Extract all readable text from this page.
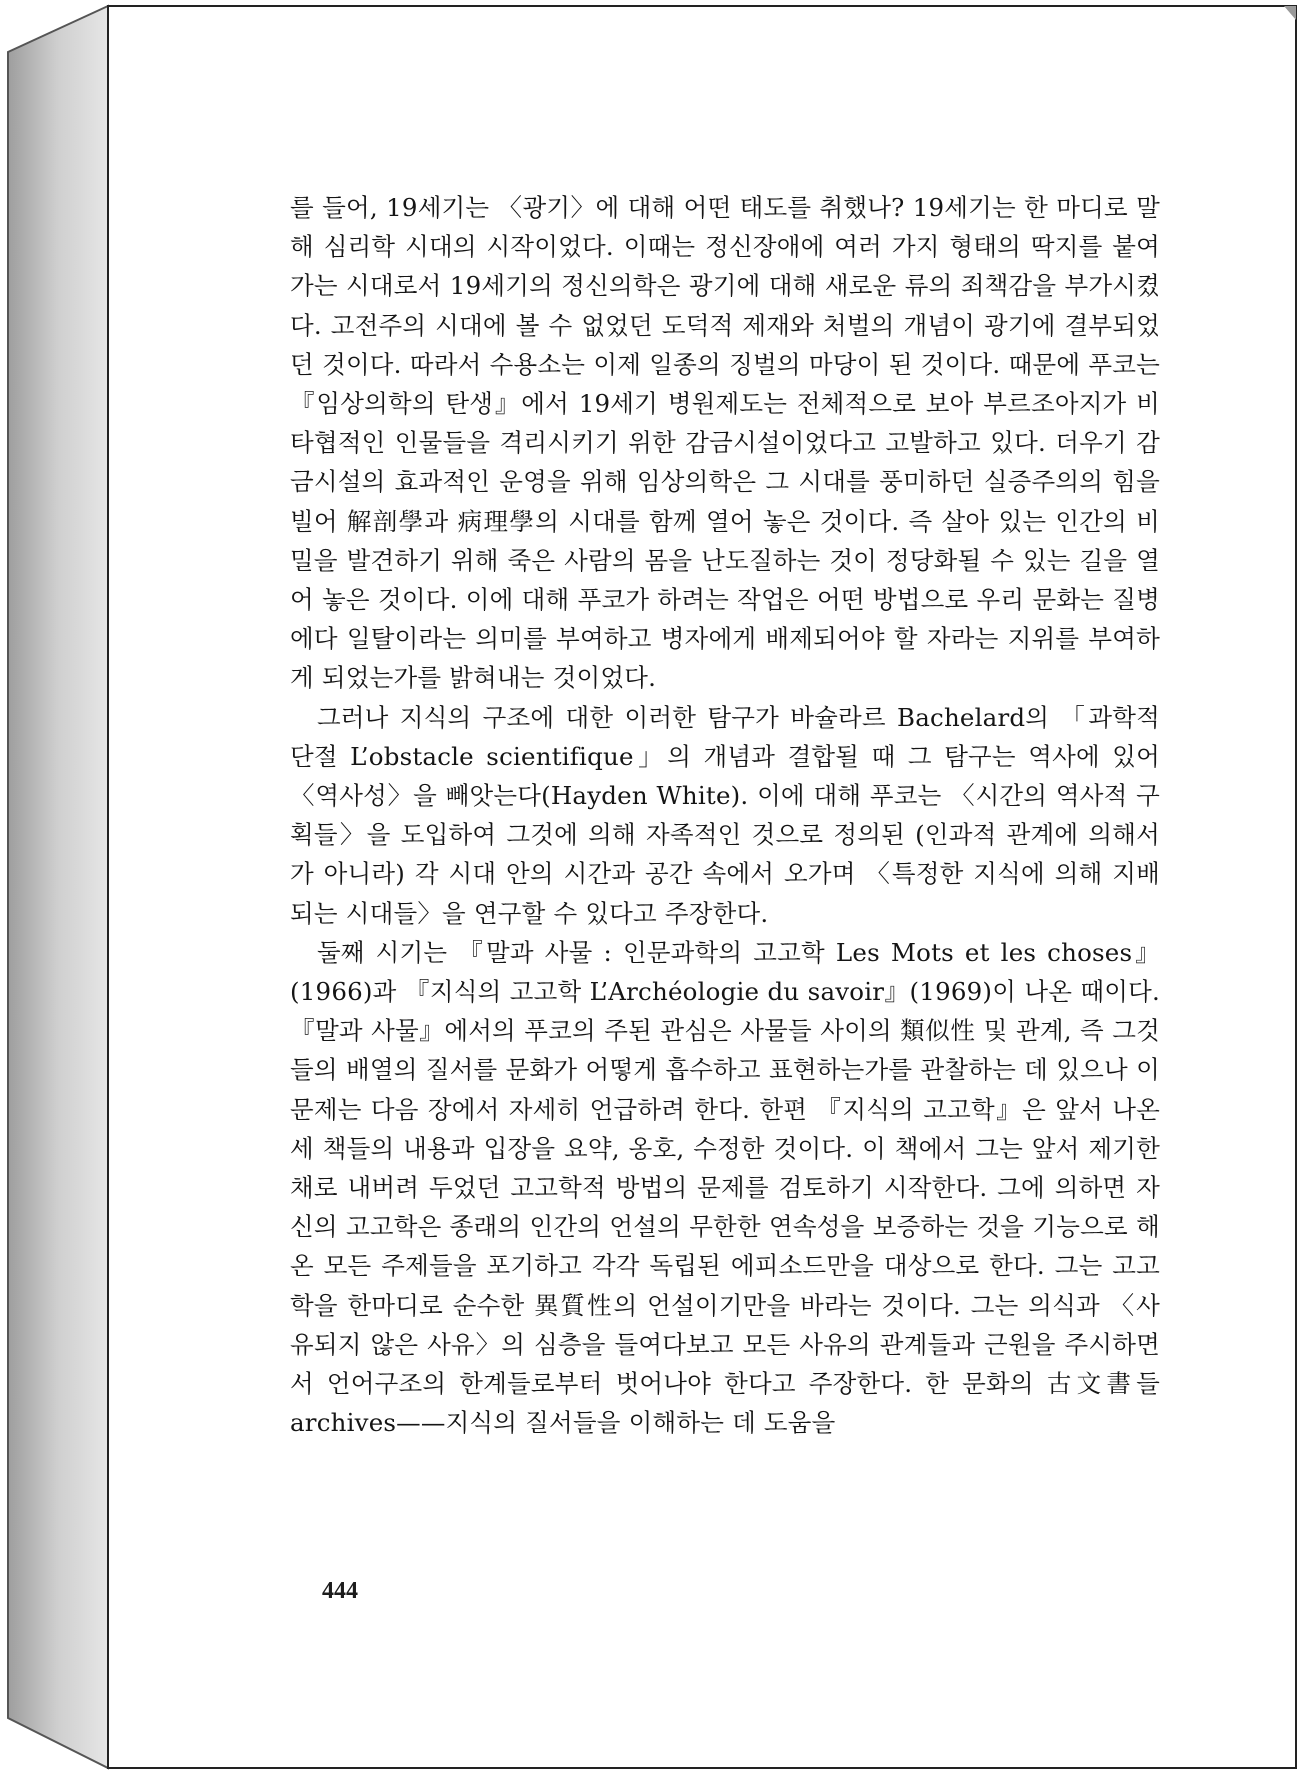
를 들어, 19세기는 〈광기〉에 대해 어떤 태도를 취했나? 19세기는 한 마디로 말해 심리학 시대의 시작이었다. 이때는 정신장애에 여러 가지 형태의 딱지를 붙여 가는 시대로서 19세기의 정신의학은 광기에 대해 새로운 류의 죄책감을 부가시켰다. 고전주의 시대에 볼 수 없었던 도덕적 제재와 처벌의 개념이 광기에 결부되었던 것이다. 따라서 수용소는 이제 일종의 징벌의 마당이 된 것이다. 때문에 푸코는 『임상의학의 탄생』에서 19세기 병원제도는 전체적으로 보아 부르조아지가 비타협적인 인물들을 격리시키기 위한 감금시설이었다고 고발하고 있다. 더우기 감금시설의 효과적인 운영을 위해 임상의학은 그 시대를 풍미하던 실증주의의 힘을 빌어 解剖學과 病理學의 시대를 함께 열어 놓은 것이다. 즉 살아 있는 인간의 비밀을 발견하기 위해 죽은 사람의 몸을 난도질하는 것이 정당화될 수 있는 길을 열어 놓은 것이다. 이에 대해 푸코가 하려는 작업은 어떤 방법으로 우리 문화는 질병에다 일탈이라는 의미를 부여하고 병자에게 배제되어야 할 자라는 지위를 부여하게 되었는가를 밝혀내는 것이었다.

그러나 지식의 구조에 대한 이러한 탐구가 바슐라르 Bachelard의 「과학적 단절 L’obstacle scientifique」의 개념과 결합될 때 그 탐구는 역사에 있어 〈역사성〉을 빼앗는다(Hayden White). 이에 대해 푸코는 〈시간의 역사적 구획들〉을 도입하여 그것에 의해 자족적인 것으로 정의된 (인과적 관계에 의해서가 아니라) 각 시대 안의 시간과 공간 속에서 오가며 〈특정한 지식에 의해 지배되는 시대들〉을 연구할 수 있다고 주장한다.

둘째 시기는 『말과 사물 : 인문과학의 고고학 Les Mots et les choses』(1966)과 『지식의 고고학 L’Archéologie du savoir』(1969)이 나온 때이다. 『말과 사물』에서의 푸코의 주된 관심은 사물들 사이의 類似性 및 관계, 즉 그것들의 배열의 질서를 문화가 어떻게 흡수하고 표현하는가를 관찰하는 데 있으나 이 문제는 다음 장에서 자세히 언급하려 한다. 한편 『지식의 고고학』은 앞서 나온 세 책들의 내용과 입장을 요약, 옹호, 수정한 것이다. 이 책에서 그는 앞서 제기한 채로 내버려 두었던 고고학적 방법의 문제를 검토하기 시작한다. 그에 의하면 자신의 고고학은 종래의 인간의 언설의 무한한 연속성을 보증하는 것을 기능으로 해온 모든 주제들을 포기하고 각각 독립된 에피소드만을 대상으로 한다. 그는 고고학을 한마디로 순수한 異質性의 언설이기만을 바라는 것이다. 그는 의식과 〈사유되지 않은 사유〉의 심층을 들여다보고 모든 사유의 관계들과 근원을 주시하면서 언어구조의 한계들로부터 벗어나야 한다고 주장한다. 한 문화의 古文書들 archives——지식의 질서들을 이해하는 데 도움을

444
